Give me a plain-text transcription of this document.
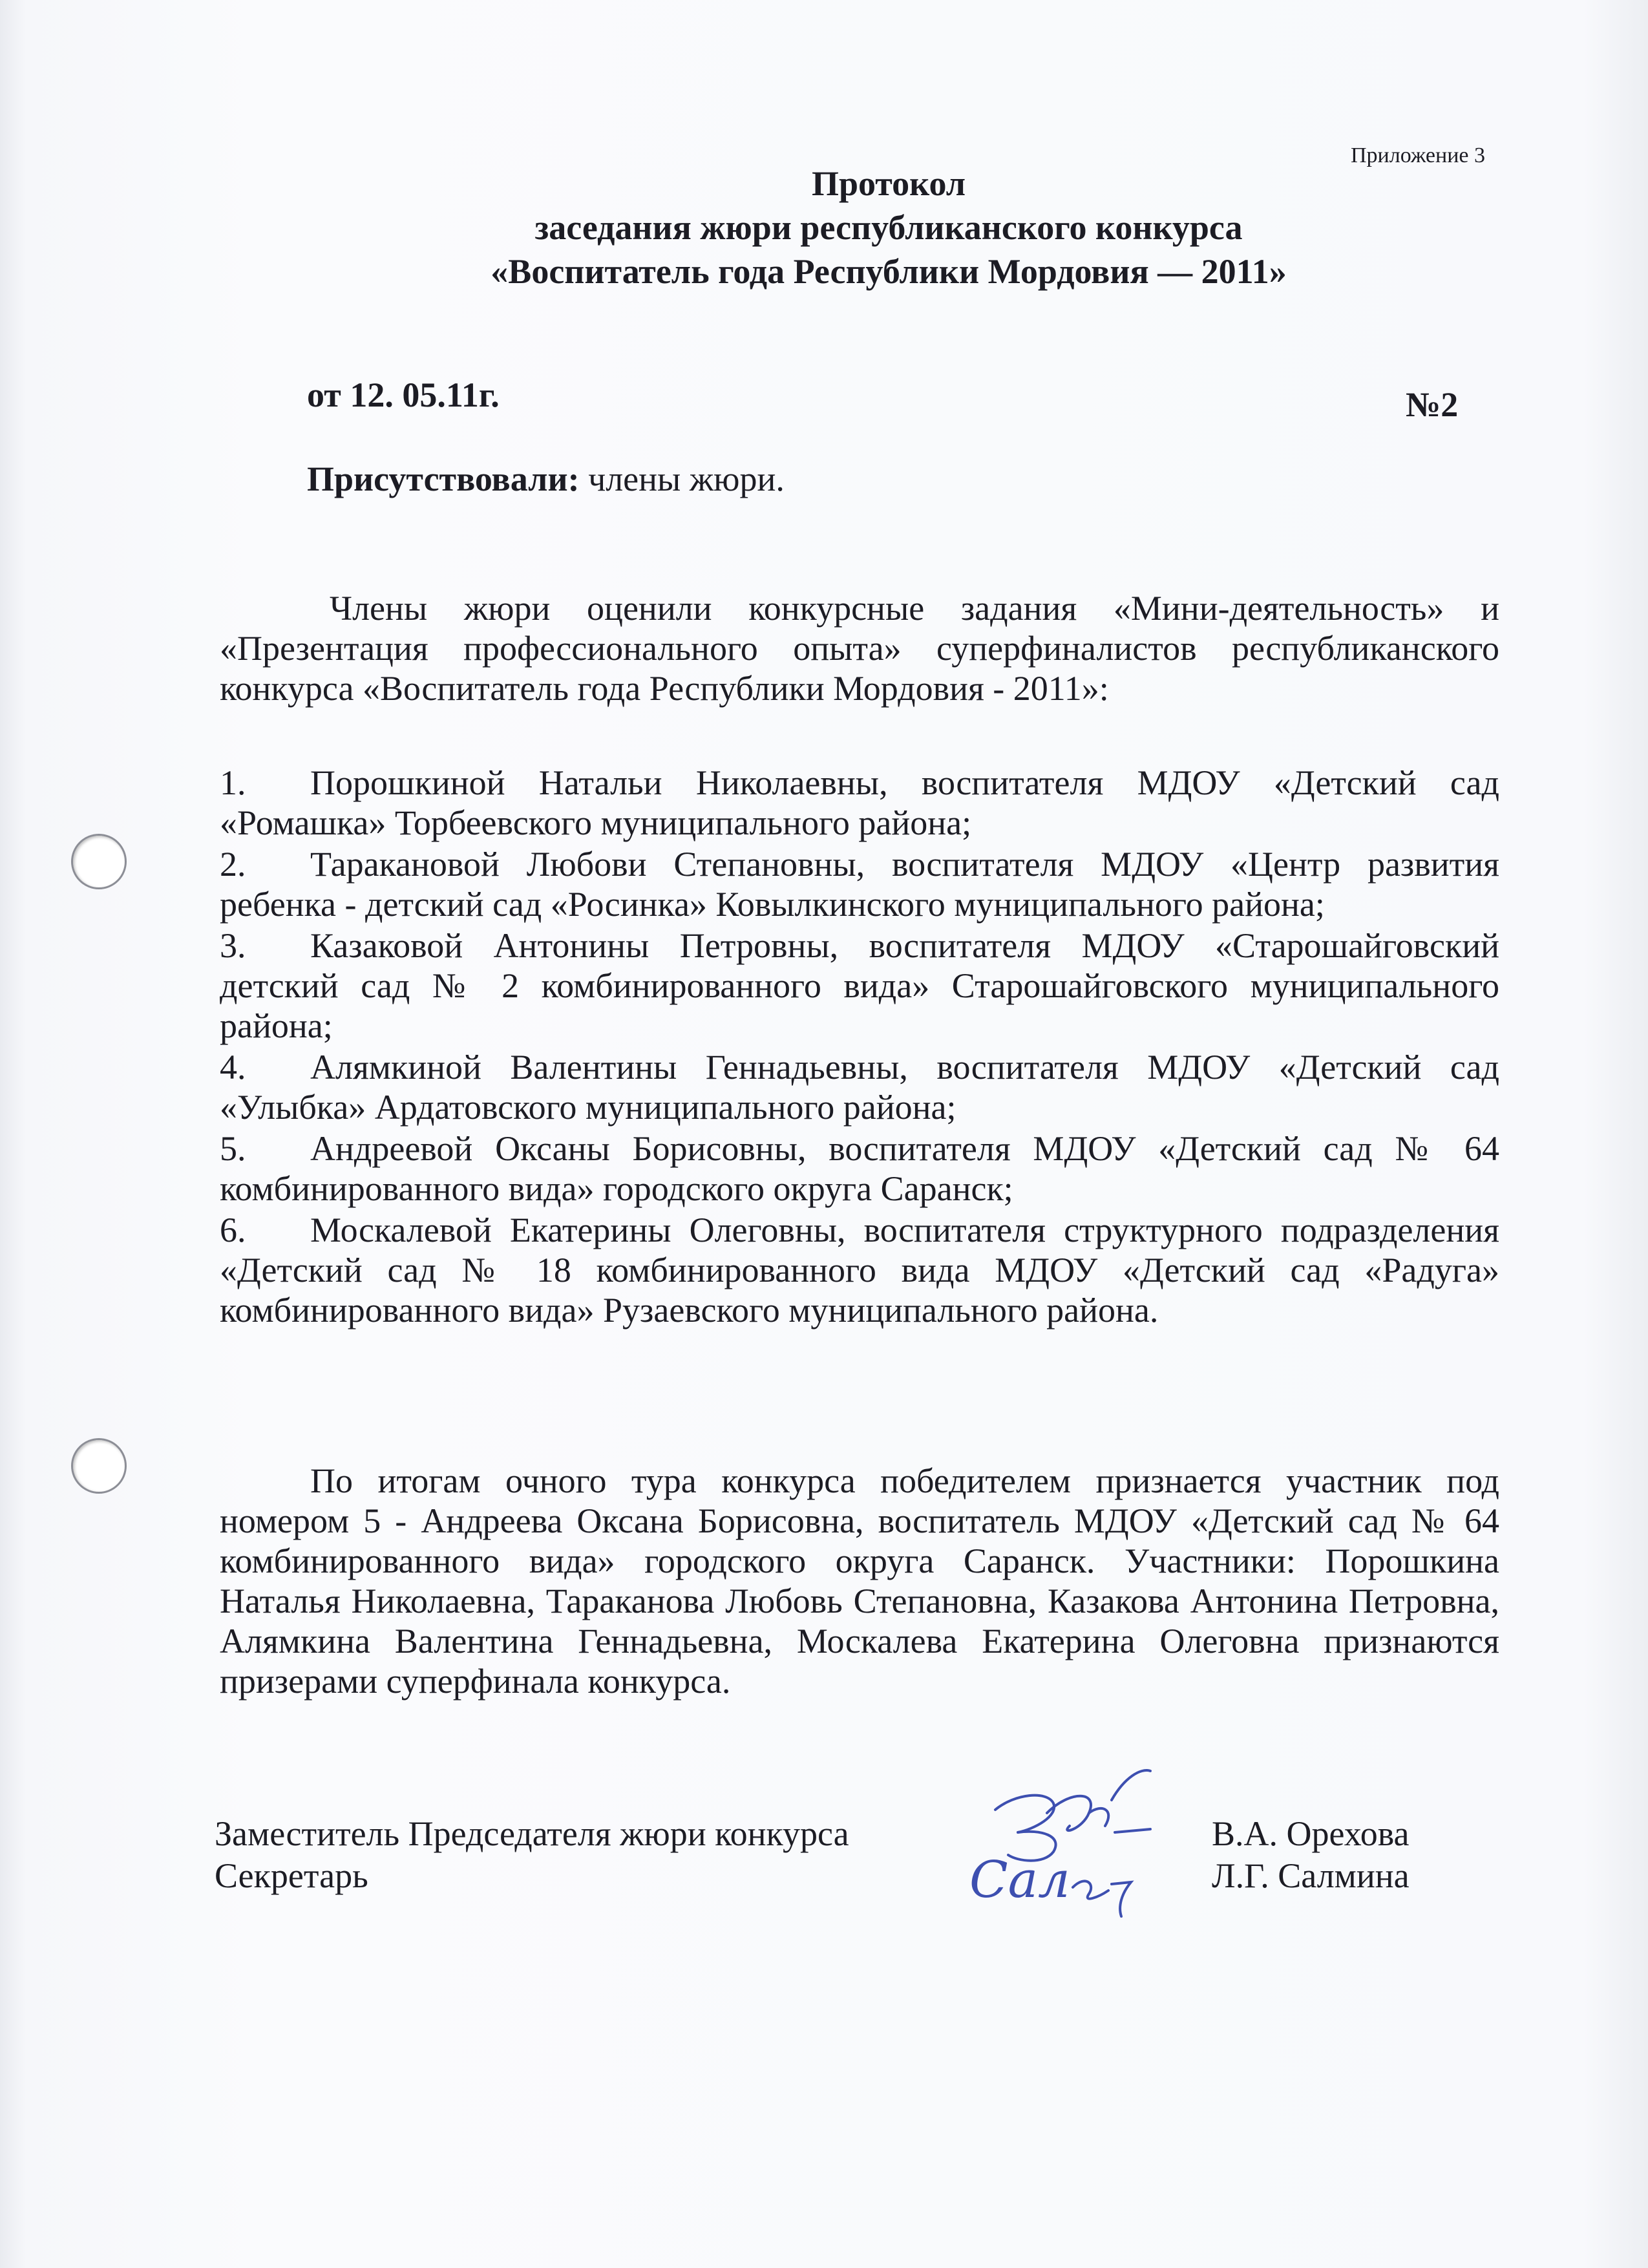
Приложение 3
Протокол
заседания жюри республиканского конкурса
«Воспитатель года Республики Мордовия — 2011»
от 12. 05.11г.	№2
Присутствовали: члены жюри.

Члены жюри оценили конкурсные задания «Мини-деятельность» и «Презентация профессионального опыта» суперфиналистов республиканского конкурса «Воспитатель года Республики Мордовия - 2011»:

1. Порошкиной Натальи Николаевны, воспитателя МДОУ «Детский сад «Ромашка» Торбеевского муниципального района;
2. Таракановой Любови Степановны, воспитателя МДОУ «Центр развития ребенка - детский сад «Росинка» Ковылкинского муниципального района;
3. Казаковой Антонины Петровны, воспитателя МДОУ «Старошайговский детский сад № 2 комбинированного вида» Старошайговского муниципального района;
4. Алямкиной Валентины Геннадьевны, воспитателя МДОУ «Детский сад «Улыбка» Ардатовского муниципального района;
5. Андреевой Оксаны Борисовны, воспитателя МДОУ «Детский сад № 64 комбинированного вида» городского округа Саранск;
6. Москалевой Екатерины Олеговны, воспитателя структурного подразделения «Детский сад № 18 комбинированного вида МДОУ «Детский сад «Радуга» комбинированного вида» Рузаевского муниципального района.

По итогам очного тура конкурса победителем признается участник под номером 5 - Андреева Оксана Борисовна, воспитатель МДОУ «Детский сад № 64 комбинированного вида» городского округа Саранск. Участники: Порошкина Наталья Николаевна, Тараканова Любовь Степановна, Казакова Антонина Петровна, Алямкина Валентина Геннадьевна, Москалева Екатерина Олеговна признаются призерами суперфинала конкурса.

Заместитель Председателя жюри конкурса
Секретарь
В.А. Орехова
Л.Г. Салмина
Сал
